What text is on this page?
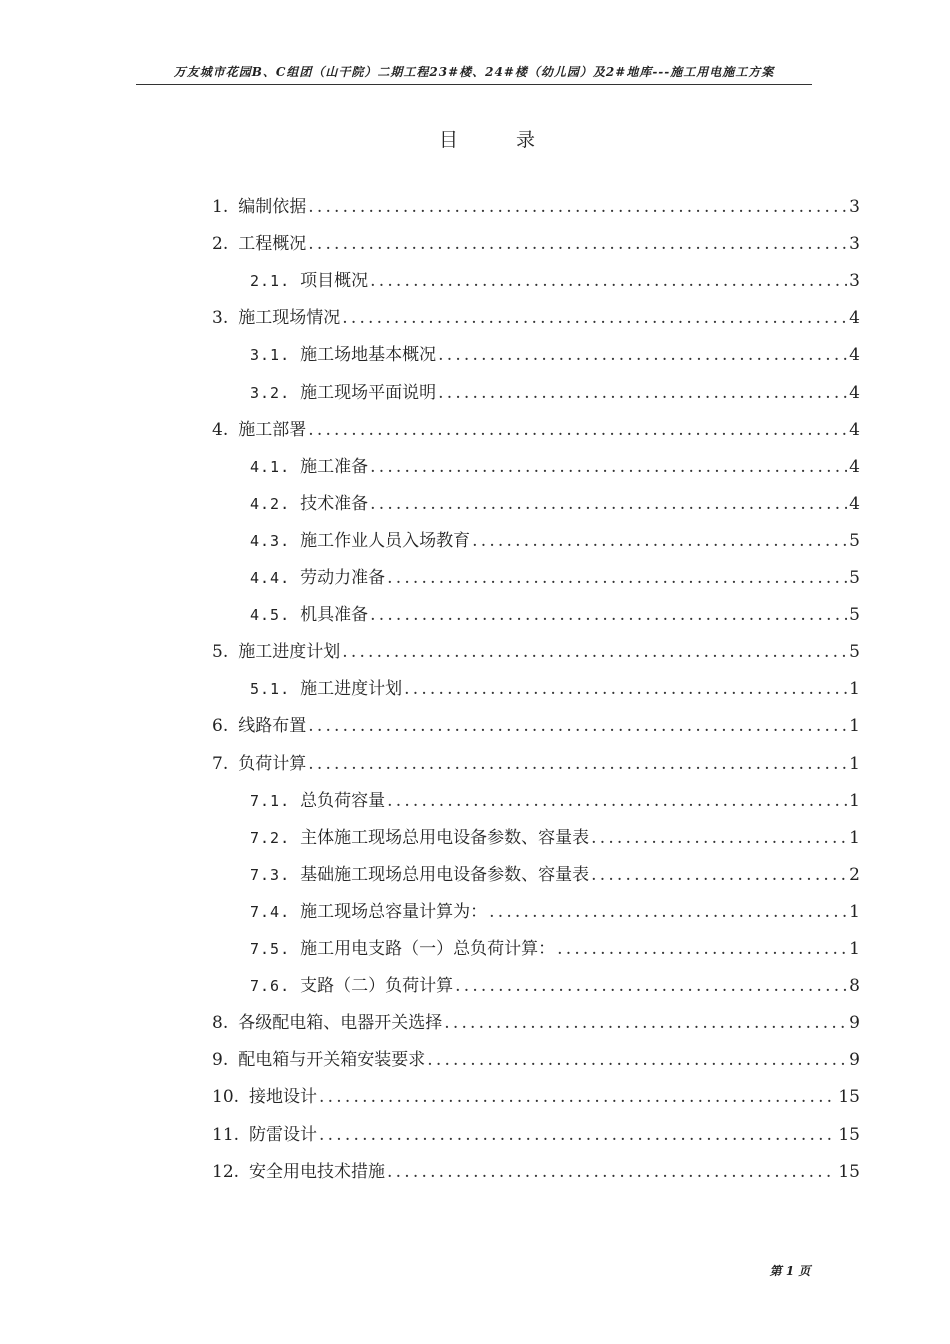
万友城市花园B、C组团（山干院）二期工程23#楼、24#楼（幼儿园）及2#地库---施工用电施工方案
目 录
1. 编制依据 .....	3
2. 工程概况 .....	3
2.1. 项目概况 .....	3
3. 施工现场情况 .....	4
3.1. 施工场地基本概况 .....	4
3.2. 施工现场平面说明 .....	4
4. 施工部署 .....	4
4.1. 施工准备 .....	4
4.2. 技术准备 .....	4
4.3. 施工作业人员入场教育 .....	5
4.4. 劳动力准备 .....	5
4.5. 机具准备 .....	5
5. 施工进度计划 .....	5
5.1. 施工进度计划 .....	1
6. 线路布置 .....	1
7. 负荷计算 .....	1
7.1. 总负荷容量 .....	1
7.2. 主体施工现场总用电设备参数、容量表 .....	1
7.3. 基础施工现场总用电设备参数、容量表 .....	2
7.4. 施工现场总容量计算为： .....	1
7.5. 施工用电支路（一）总负荷计算： .....	1
7.6. 支路（二）负荷计算 .....	8
8. 各级配电箱、电器开关选择 .....	9
9. 配电箱与开关箱安装要求 .....	9
10. 接地设计 .....	15
11. 防雷设计 .....	15
12. 安全用电技术措施 .....	15
第 1 页
